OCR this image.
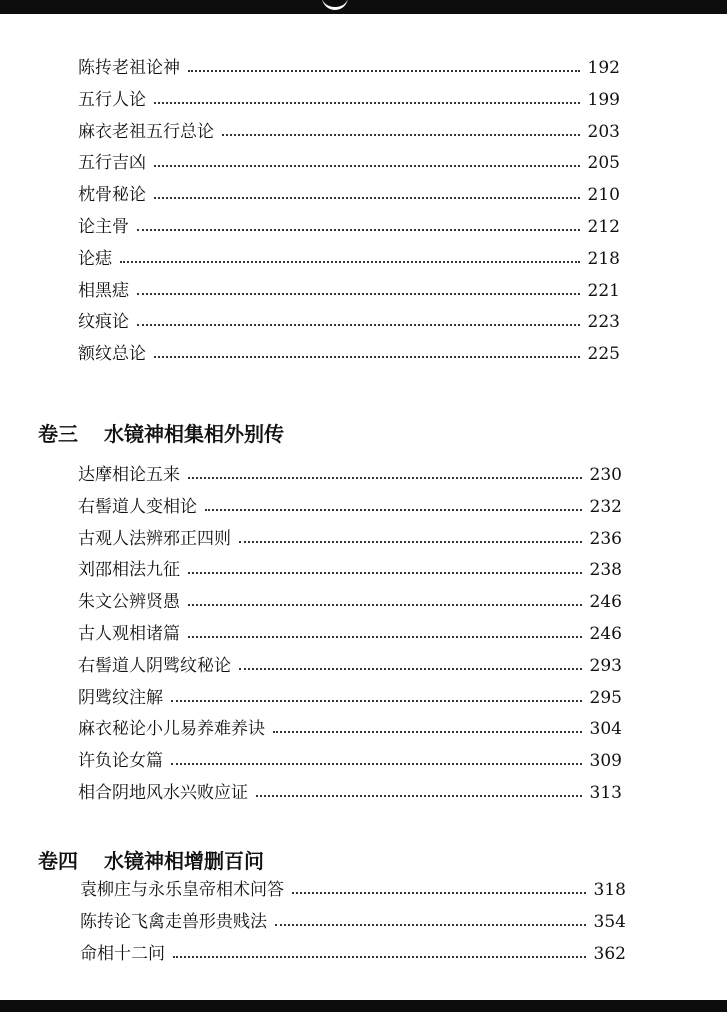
陈抟老祖论神	192
五行人论	199
麻衣老祖五行总论	203
五行吉凶	205
枕骨秘论	210
论主骨	212
论痣	218
相黑痣	221
纹痕论	223
额纹总论	225
卷三 水镜神相集相外别传
达摩相论五来	230
右髻道人变相论	232
古观人法辨邪正四则	236
刘邵相法九征	238
朱文公辨贤愚	246
古人观相诸篇	246
右髻道人阴骘纹秘论	293
阴骘纹注解	295
麻衣秘论小儿易养难养诀	304
许负论女篇	309
相合阴地风水兴败应证	313
卷四 水镜神相增删百问
袁柳庄与永乐皇帝相术问答	318
陈抟论飞禽走兽形贵贱法	354
命相十二问	362
